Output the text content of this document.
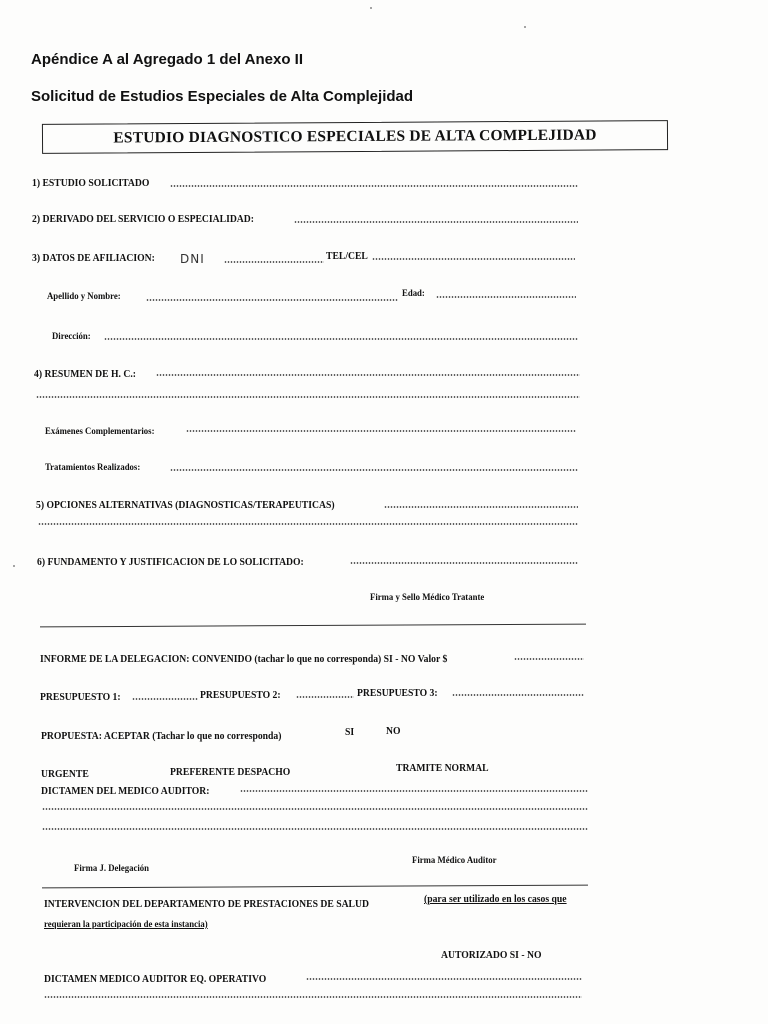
Apéndice A al Agregado 1 del Anexo II
Solicitud de Estudios Especiales de Alta Complejidad
ESTUDIO DIAGNOSTICO ESPECIALES DE ALTA COMPLEJIDAD
1) ESTUDIO SOLICITADO
2) DERIVADO DEL SERVICIO O ESPECIALIDAD:
3) DATOS DE AFILIACION: DNI	TEL/CEL
Apellido y Nombre:	Edad:
Dirección:
4) RESUMEN DE H. C.:
Exámenes Complementarios:
Tratamientos Realizados:
5) OPCIONES ALTERNATIVAS (DIAGNOSTICAS/TERAPEUTICAS)
6) FUNDAMENTO Y JUSTIFICACION DE LO SOLICITADO:
Firma y Sello Médico Tratante
INFORME DE LA DELEGACION: CONVENIDO (tachar lo que no corresponda) SI - NO Valor $
PRESUPUESTO 1:	PRESUPUESTO 2:	PRESUPUESTO 3:
PROPUESTA: ACEPTAR (Tachar lo que no corresponda)	SI	NO
URGENTE	PREFERENTE DESPACHO	TRAMITE NORMAL
DICTAMEN DEL MEDICO AUDITOR:
Firma J. Delegación
Firma Médico Auditor
INTERVENCION DEL DEPARTAMENTO DE PRESTACIONES DE SALUD	(para ser utilizado en los casos que
requieran la participación de esta instancia)
AUTORIZADO SI - NO
DICTAMEN MEDICO AUDITOR EQ. OPERATIVO
